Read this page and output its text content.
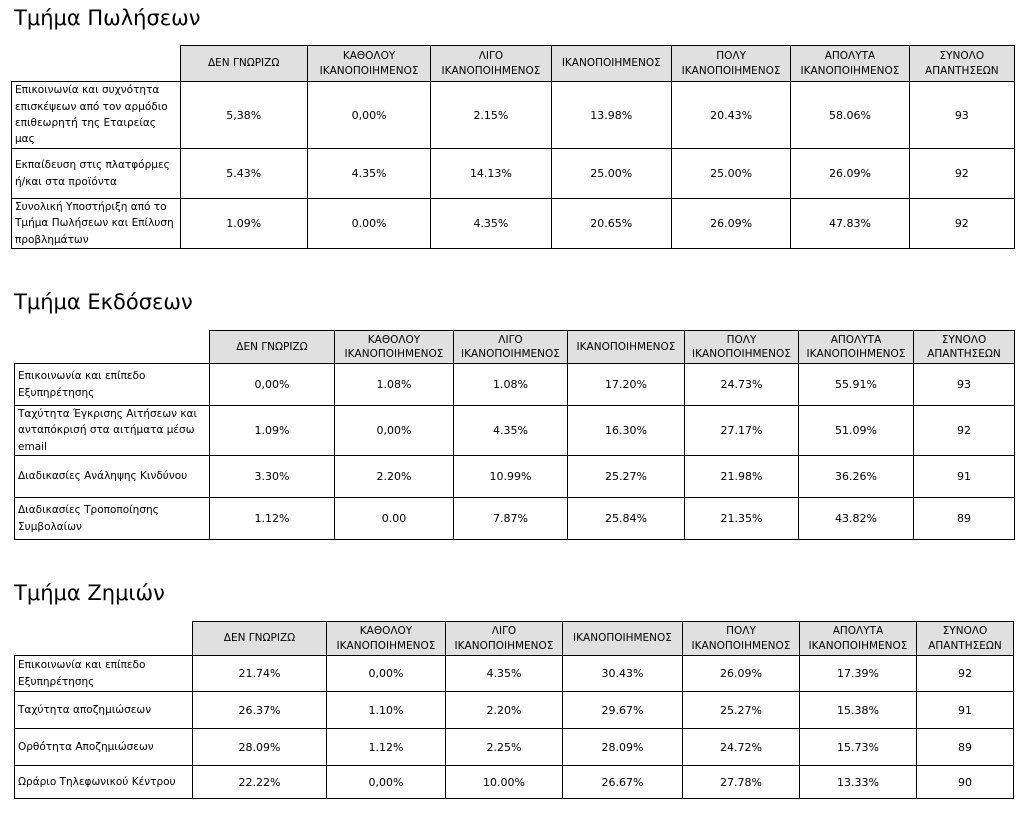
Τμήμα Πωλήσεων
	ΔΕΝ ΓΝΩΡΙΖΩ	ΚΑΘΟΛΟΥ ΙΚΑΝΟΠΟΙΗΜΕΝΟΣ	ΛΙΓΟ ΙΚΑΝΟΠΟΙΗΜΕΝΟΣ	ΙΚΑΝΟΠΟΙΗΜΕΝΟΣ	ΠΟΛΥ ΙΚΑΝΟΠΟΙΗΜΕΝΟΣ	ΑΠΟΛΥΤΑ ΙΚΑΝΟΠΟΙΗΜΕΝΟΣ	ΣΥΝΟΛΟ ΑΠΑΝΤΗΣΕΩΝ
Επικοινωνία και συχνότητα επισκέψεων από τον αρμόδιο επιθεωρητή της Εταιρείας μας	5,38%	0,00%	2.15%	13.98%	20.43%	58.06%	93
Εκπαίδευση στις πλατφόρμες ή/και στα προϊόντα	5.43%	4.35%	14.13%	25.00%	25.00%	26.09%	92
Συνολική Υποστήριξη από το Τμήμα Πωλήσεων και Επίλυση προβλημάτων	1.09%	0.00%	4.35%	20.65%	26.09%	47.83%	92
Τμήμα Εκδόσεων
	ΔΕΝ ΓΝΩΡΙΖΩ	ΚΑΘΟΛΟΥ ΙΚΑΝΟΠΟΙΗΜΕΝΟΣ	ΛΙΓΟ ΙΚΑΝΟΠΟΙΗΜΕΝΟΣ	ΙΚΑΝΟΠΟΙΗΜΕΝΟΣ	ΠΟΛΥ ΙΚΑΝΟΠΟΙΗΜΕΝΟΣ	ΑΠΟΛΥΤΑ ΙΚΑΝΟΠΟΙΗΜΕΝΟΣ	ΣΥΝΟΛΟ ΑΠΑΝΤΗΣΕΩΝ
Επικοινωνία και επίπεδο Εξυπηρέτησης	0,00%	1.08%	1.08%	17.20%	24.73%	55.91%	93
Ταχύτητα Έγκρισης Αιτήσεων και ανταπόκρισή στα αιτήματα μέσω email	1.09%	0,00%	4.35%	16.30%	27.17%	51.09%	92
Διαδικασίες Ανάληψης Κινδύνου	3.30%	2.20%	10.99%	25.27%	21.98%	36.26%	91
Διαδικασίες Τροποποίησης Συμβολαίων	1.12%	0.00	7.87%	25.84%	21.35%	43.82%	89
Τμήμα Ζημιών
	ΔΕΝ ΓΝΩΡΙΖΩ	ΚΑΘΟΛΟΥ ΙΚΑΝΟΠΟΙΗΜΕΝΟΣ	ΛΙΓΟ ΙΚΑΝΟΠΟΙΗΜΕΝΟΣ	ΙΚΑΝΟΠΟΙΗΜΕΝΟΣ	ΠΟΛΥ ΙΚΑΝΟΠΟΙΗΜΕΝΟΣ	ΑΠΟΛΥΤΑ ΙΚΑΝΟΠΟΙΗΜΕΝΟΣ	ΣΥΝΟΛΟ ΑΠΑΝΤΗΣΕΩΝ
Επικοινωνία και επίπεδο Εξυπηρέτησης	21.74%	0,00%	4.35%	30.43%	26.09%	17.39%	92
Ταχύτητα αποζημιώσεων	26.37%	1.10%	2.20%	29.67%	25.27%	15.38%	91
Ορθότητα Αποζημιώσεων	28.09%	1.12%	2.25%	28.09%	24.72%	15.73%	89
Ωράριο Τηλεφωνικού Κέντρου	22.22%	0,00%	10.00%	26.67%	27.78%	13.33%	90
